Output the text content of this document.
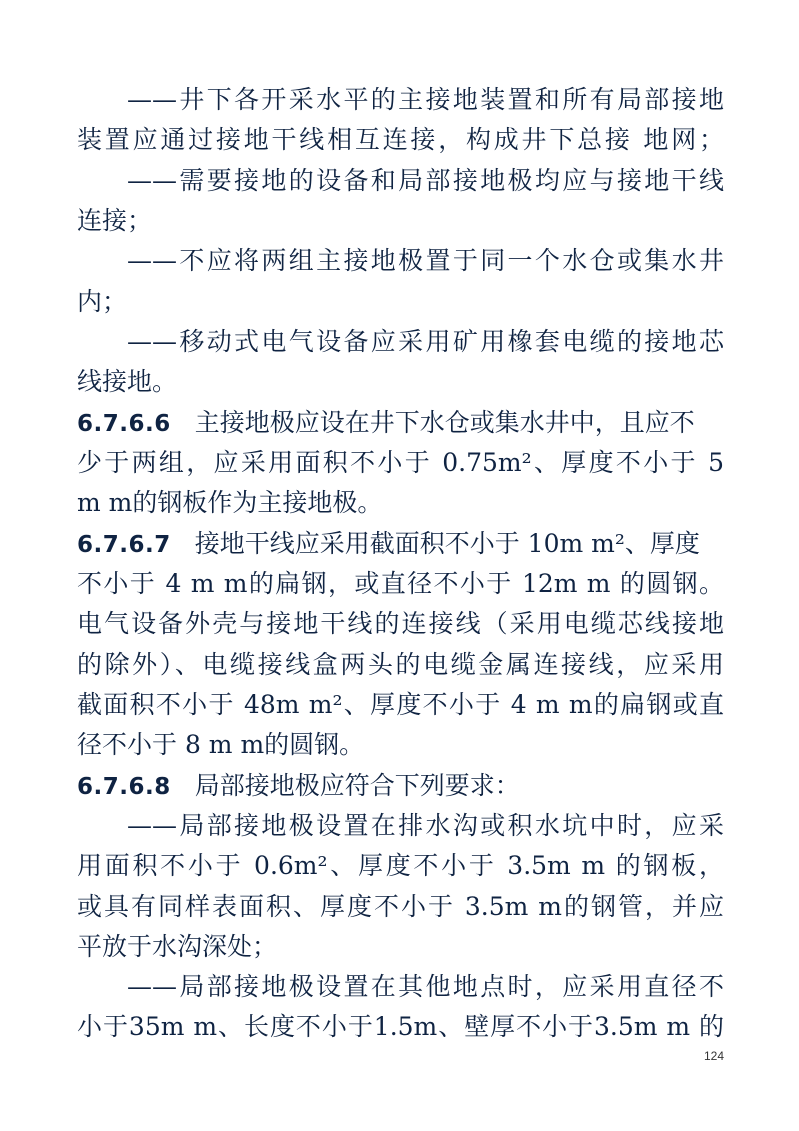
——井下各开采水平的主接地装置和所有局部接地
装置应通过接地干线相互连接，构成井下总接 地网；
——需要接地的设备和局部接地极均应与接地干线
连接；
——不应将两组主接地极置于同一个水仓或集水井
内；
——移动式电气设备应采用矿用橡套电缆的接地芯
线接地。
6.7.6.6 主接地极应设在井下水仓或集水井中，且应不
少于两组，应采用面积不小于 0.75m²、厚度不小于 5
m m的钢板作为主接地极。
6.7.6.7 接地干线应采用截面积不小于 10m m²、厚度
不小于 4 m m的扁钢，或直径不小于 12m m 的圆钢。
电气设备外壳与接地干线的连接线（采用电缆芯线接地
的除外）、电缆接线盒两头的电缆金属连接线，应采用
截面积不小于 48m m²、厚度不小于 4 m m的扁钢或直
径不小于 8 m m的圆钢。
6.7.6.8 局部接地极应符合下列要求：
——局部接地极设置在排水沟或积水坑中时，应采
用面积不小于 0.6m²、厚度不小于 3.5m m 的钢板，
或具有同样表面积、厚度不小于 3.5m m的钢管，并应
平放于水沟深处；
——局部接地极设置在其他地点时，应采用直径不
小于35m m、长度不小于1.5m、壁厚不小于3.5m m 的
124
